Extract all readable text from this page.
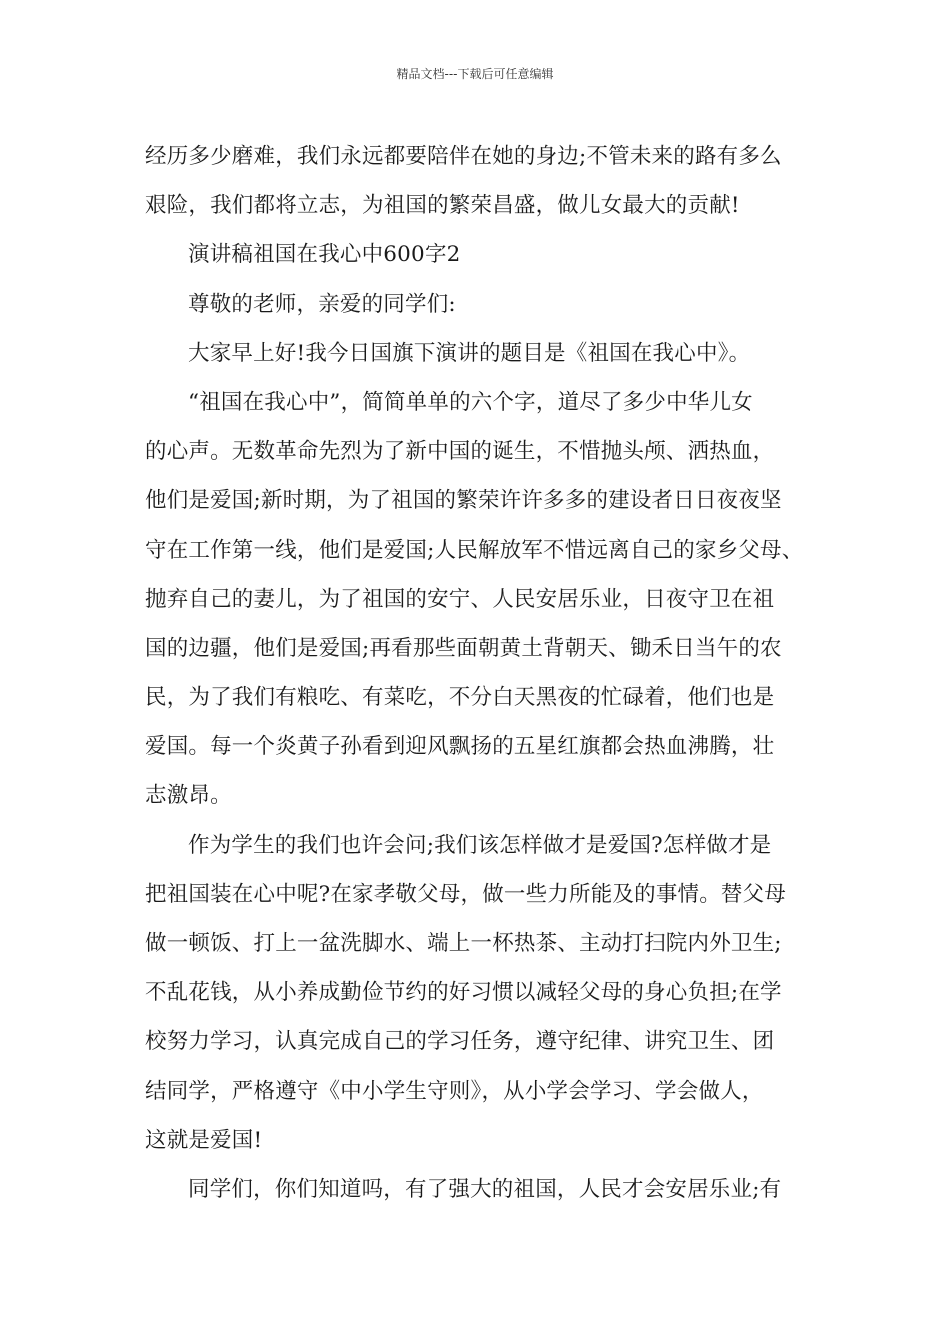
精品文档---下载后可任意编辑
经历多少磨难，我们永远都要陪伴在她的身边;不管未来的路有多么
艰险，我们都将立志，为祖国的繁荣昌盛，做儿女最大的贡献!
演讲稿祖国在我心中600字2
尊敬的老师，亲爱的同学们:
大家早上好!我今日国旗下演讲的题目是《祖国在我心中》。
“祖国在我心中”，简简单单的六个字，道尽了多少中华儿女
的心声。无数革命先烈为了新中国的诞生，不惜抛头颅、洒热血，
他们是爱国;新时期，为了祖国的繁荣许许多多的建设者日日夜夜坚
守在工作第一线，他们是爱国;人民解放军不惜远离自己的家乡父母、
抛弃自己的妻儿，为了祖国的安宁、人民安居乐业，日夜守卫在祖
国的边疆，他们是爱国;再看那些面朝黄土背朝天、锄禾日当午的农
民，为了我们有粮吃、有菜吃，不分白天黑夜的忙碌着，他们也是
爱国。每一个炎黄子孙看到迎风飘扬的五星红旗都会热血沸腾，壮
志激昂。
作为学生的我们也许会问;我们该怎样做才是爱国?怎样做才是
把祖国装在心中呢?在家孝敬父母，做一些力所能及的事情。替父母
做一顿饭、打上一盆洗脚水、端上一杯热茶、主动打扫院内外卫生;
不乱花钱，从小养成勤俭节约的好习惯以减轻父母的身心负担;在学
校努力学习，认真完成自己的学习任务，遵守纪律、讲究卫生、团
结同学，严格遵守《中小学生守则》，从小学会学习、学会做人，
这就是爱国!
同学们，你们知道吗，有了强大的祖国，人民才会安居乐业;有
